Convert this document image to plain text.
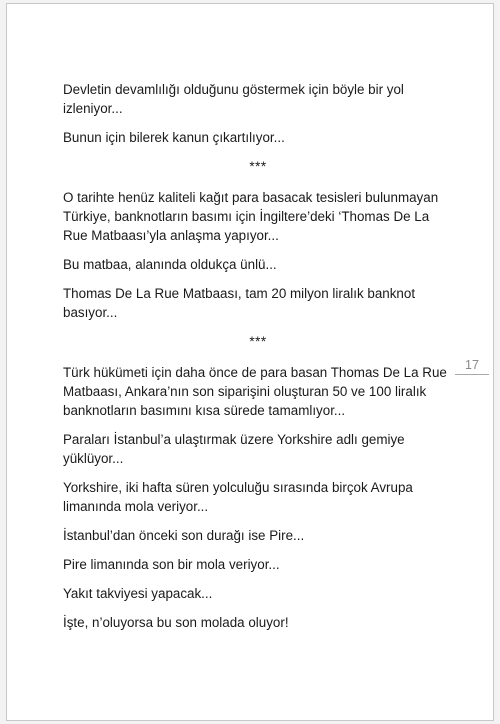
Devletin devamlılığı olduğunu göstermek için böyle bir yol izleniyor...

Bunun için bilerek kanun çıkartılıyor...

***

O tarihte henüz kaliteli kağıt para basacak tesisleri bulunmayan Türkiye, banknotların basımı için İngiltere’deki ‘Thomas De La Rue Matbaası’yla anlaşma yapıyor...

Bu matbaa, alanında oldukça ünlü...

Thomas De La Rue Matbaası, tam 20 milyon liralık banknot basıyor...

***

Türk hükümeti için daha önce de para basan Thomas De La Rue Matbaası, Ankara’nın son siparişini oluşturan 50 ve 100 liralık banknotların basımını kısa sürede tamamlıyor...

Paraları İstanbul’a ulaştırmak üzere Yorkshire adlı gemiye yüklüyor...

Yorkshire, iki hafta süren yolculuğu sırasında birçok Avrupa limanında mola veriyor...

İstanbul’dan önceki son durağı ise Pire...

Pire limanında son bir mola veriyor...

Yakıt takviyesi yapacak...

İşte, n’oluyorsa bu son molada oluyor!

17
